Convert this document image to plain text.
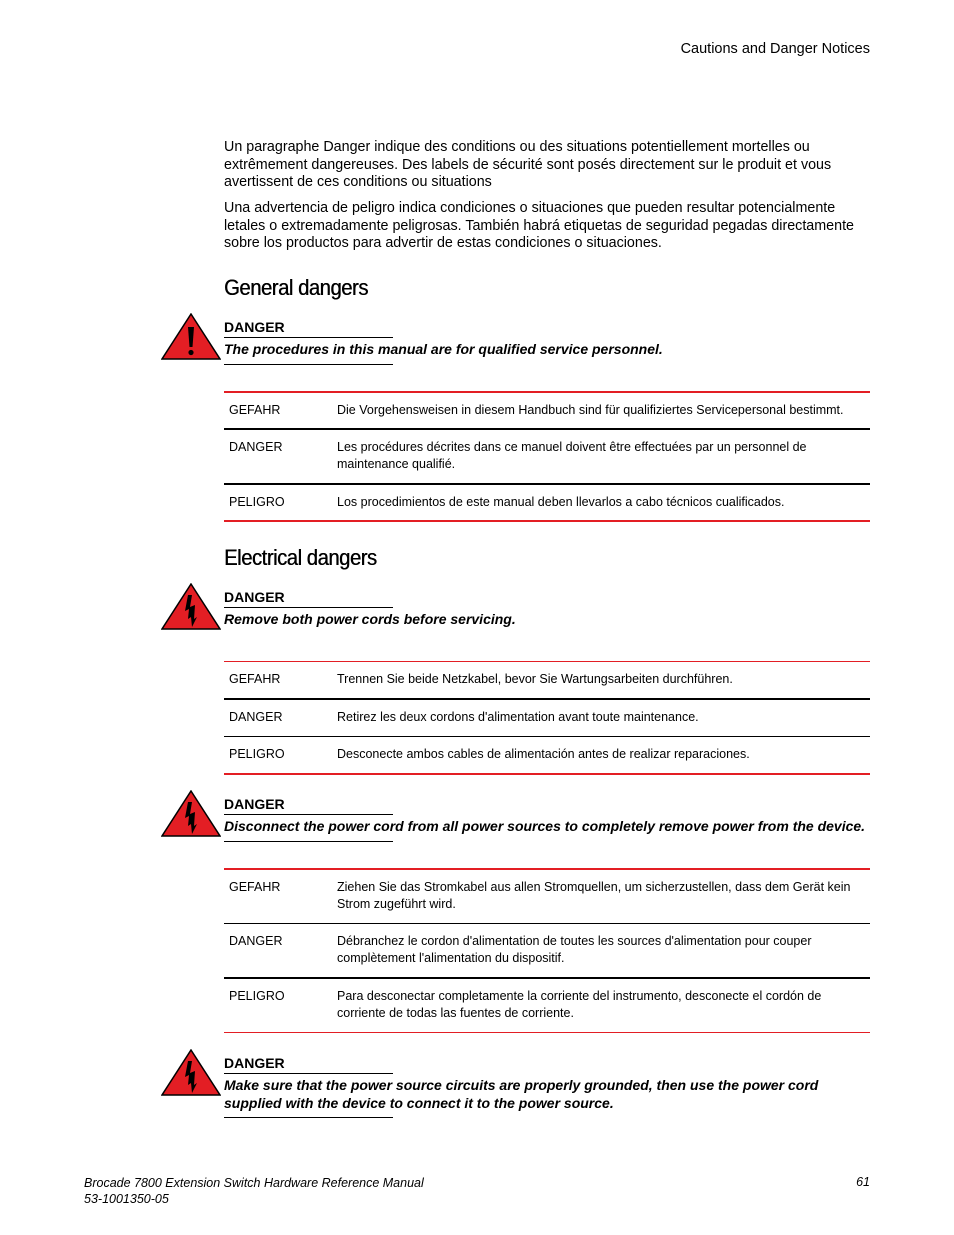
Cautions and Danger Notices
Un paragraphe Danger indique des conditions ou des situations potentiellement mortelles ou extrêmement dangereuses. Des labels de sécurité sont posés directement sur le produit et vous avertissent de ces conditions ou situations
Una advertencia de peligro indica condiciones o situaciones que pueden resultar potencialmente letales o extremadamente peligrosas. También habrá etiquetas de seguridad pegadas directamente sobre los productos para advertir de estas condiciones o situaciones.
General dangers
DANGER
The procedures in this manual are for qualified service personnel.
GEFAHR	Die Vorgehensweisen in diesem Handbuch sind für qualifiziertes Servicepersonal bestimmt.
DANGER	Les procédures décrites dans ce manuel doivent être effectuées par un personnel de maintenance qualifié.
PELIGRO	Los procedimientos de este manual deben llevarlos a cabo técnicos cualificados.
Electrical dangers
DANGER
Remove both power cords before servicing.
GEFAHR	Trennen Sie beide Netzkabel, bevor Sie Wartungsarbeiten durchführen.
DANGER	Retirez les deux cordons d'alimentation avant toute maintenance.
PELIGRO	Desconecte ambos cables de alimentación antes de realizar reparaciones.
DANGER
Disconnect the power cord from all power sources to completely remove power from the device.
GEFAHR	Ziehen Sie das Stromkabel aus allen Stromquellen, um sicherzustellen, dass dem Gerät kein Strom zugeführt wird.
DANGER	Débranchez le cordon d'alimentation de toutes les sources d'alimentation pour couper complètement l'alimentation du dispositif.
PELIGRO	Para desconectar completamente la corriente del instrumento, desconecte el cordón de corriente de todas las fuentes de corriente.
DANGER
Make sure that the power source circuits are properly grounded, then use the power cord supplied with the device to connect it to the power source.
Brocade 7800 Extension Switch Hardware Reference Manual
53-1001350-05
61
